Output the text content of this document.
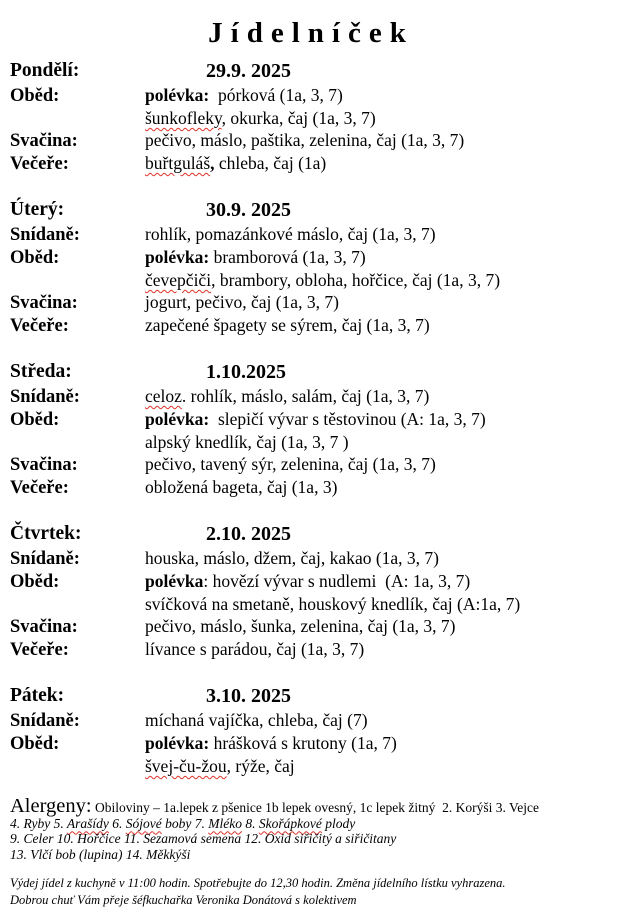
Jídelníček
Pondělí:	29.9. 2025
Oběd:	polévka:  pórková (1a, 3, 7)
šunkofleky, okurka, čaj (1a, 3, 7)
Svačina:	pečivo, máslo, paštika, zelenina, čaj (1a, 3, 7)
Večeře:	buřtguláš, chleba, čaj (1a)
Úterý:	30.9. 2025
Snídaně:	rohlík, pomazánkové máslo, čaj (1a, 3, 7)
Oběd:	polévka: bramborová (1a, 3, 7)
čevepčiči, brambory, obloha, hořčice, čaj (1a, 3, 7)
Svačina:	jogurt, pečivo, čaj (1a, 3, 7)
Večeře:	zapečené špagety se sýrem, čaj (1a, 3, 7)
Středa:	1.10.2025
Snídaně:	celoz. rohlík, máslo, salám, čaj (1a, 3, 7)
Oběd:	polévka:  slepičí vývar s těstovinou (A: 1a, 3, 7)
alpský knedlík, čaj (1a, 3, 7 )
Svačina:	pečivo, tavený sýr, zelenina, čaj (1a, 3, 7)
Večeře:	obložená bageta, čaj (1a, 3)
Čtvrtek:	2.10. 2025
Snídaně:	houska, máslo, džem, čaj, kakao (1a, 3, 7)
Oběd:	polévka: hovězí vývar s nudlemi  (A: 1a, 3, 7)
svíčková na smetaně, houskový knedlík, čaj (A:1a, 7)
Svačina:	pečivo, máslo, šunka, zelenina, čaj (1a, 3, 7)
Večeře:	lívance s parádou, čaj (1a, 3, 7)
Pátek:	3.10. 2025
Snídaně:	míchaná vajíčka, chleba, čaj (7)
Oběd:	polévka: hrášková s krutony (1a, 7)
švej-ču-žou, rýže, čaj
Alergeny: Obiloviny – 1a.lepek z pšenice 1b lepek ovesný, 1c lepek žitný  2. Korýši 3. Vejce
4. Ryby 5. Arašídy 6. Sójové boby 7. Mléko 8. Skořápkové plody
9. Celer 10. Hořčice 11. Sezamová semena 12. Oxid siřičitý a siřičitany
13. Vlčí bob (lupina) 14. Měkkýši
Výdej jídel z kuchyně v 11:00 hodin. Spotřebujte do 12,30 hodin. Změna jídelního lístku vyhrazena.
Dobrou chuť Vám přeje šéfkuchařka Veronika Donátová s kolektivem
